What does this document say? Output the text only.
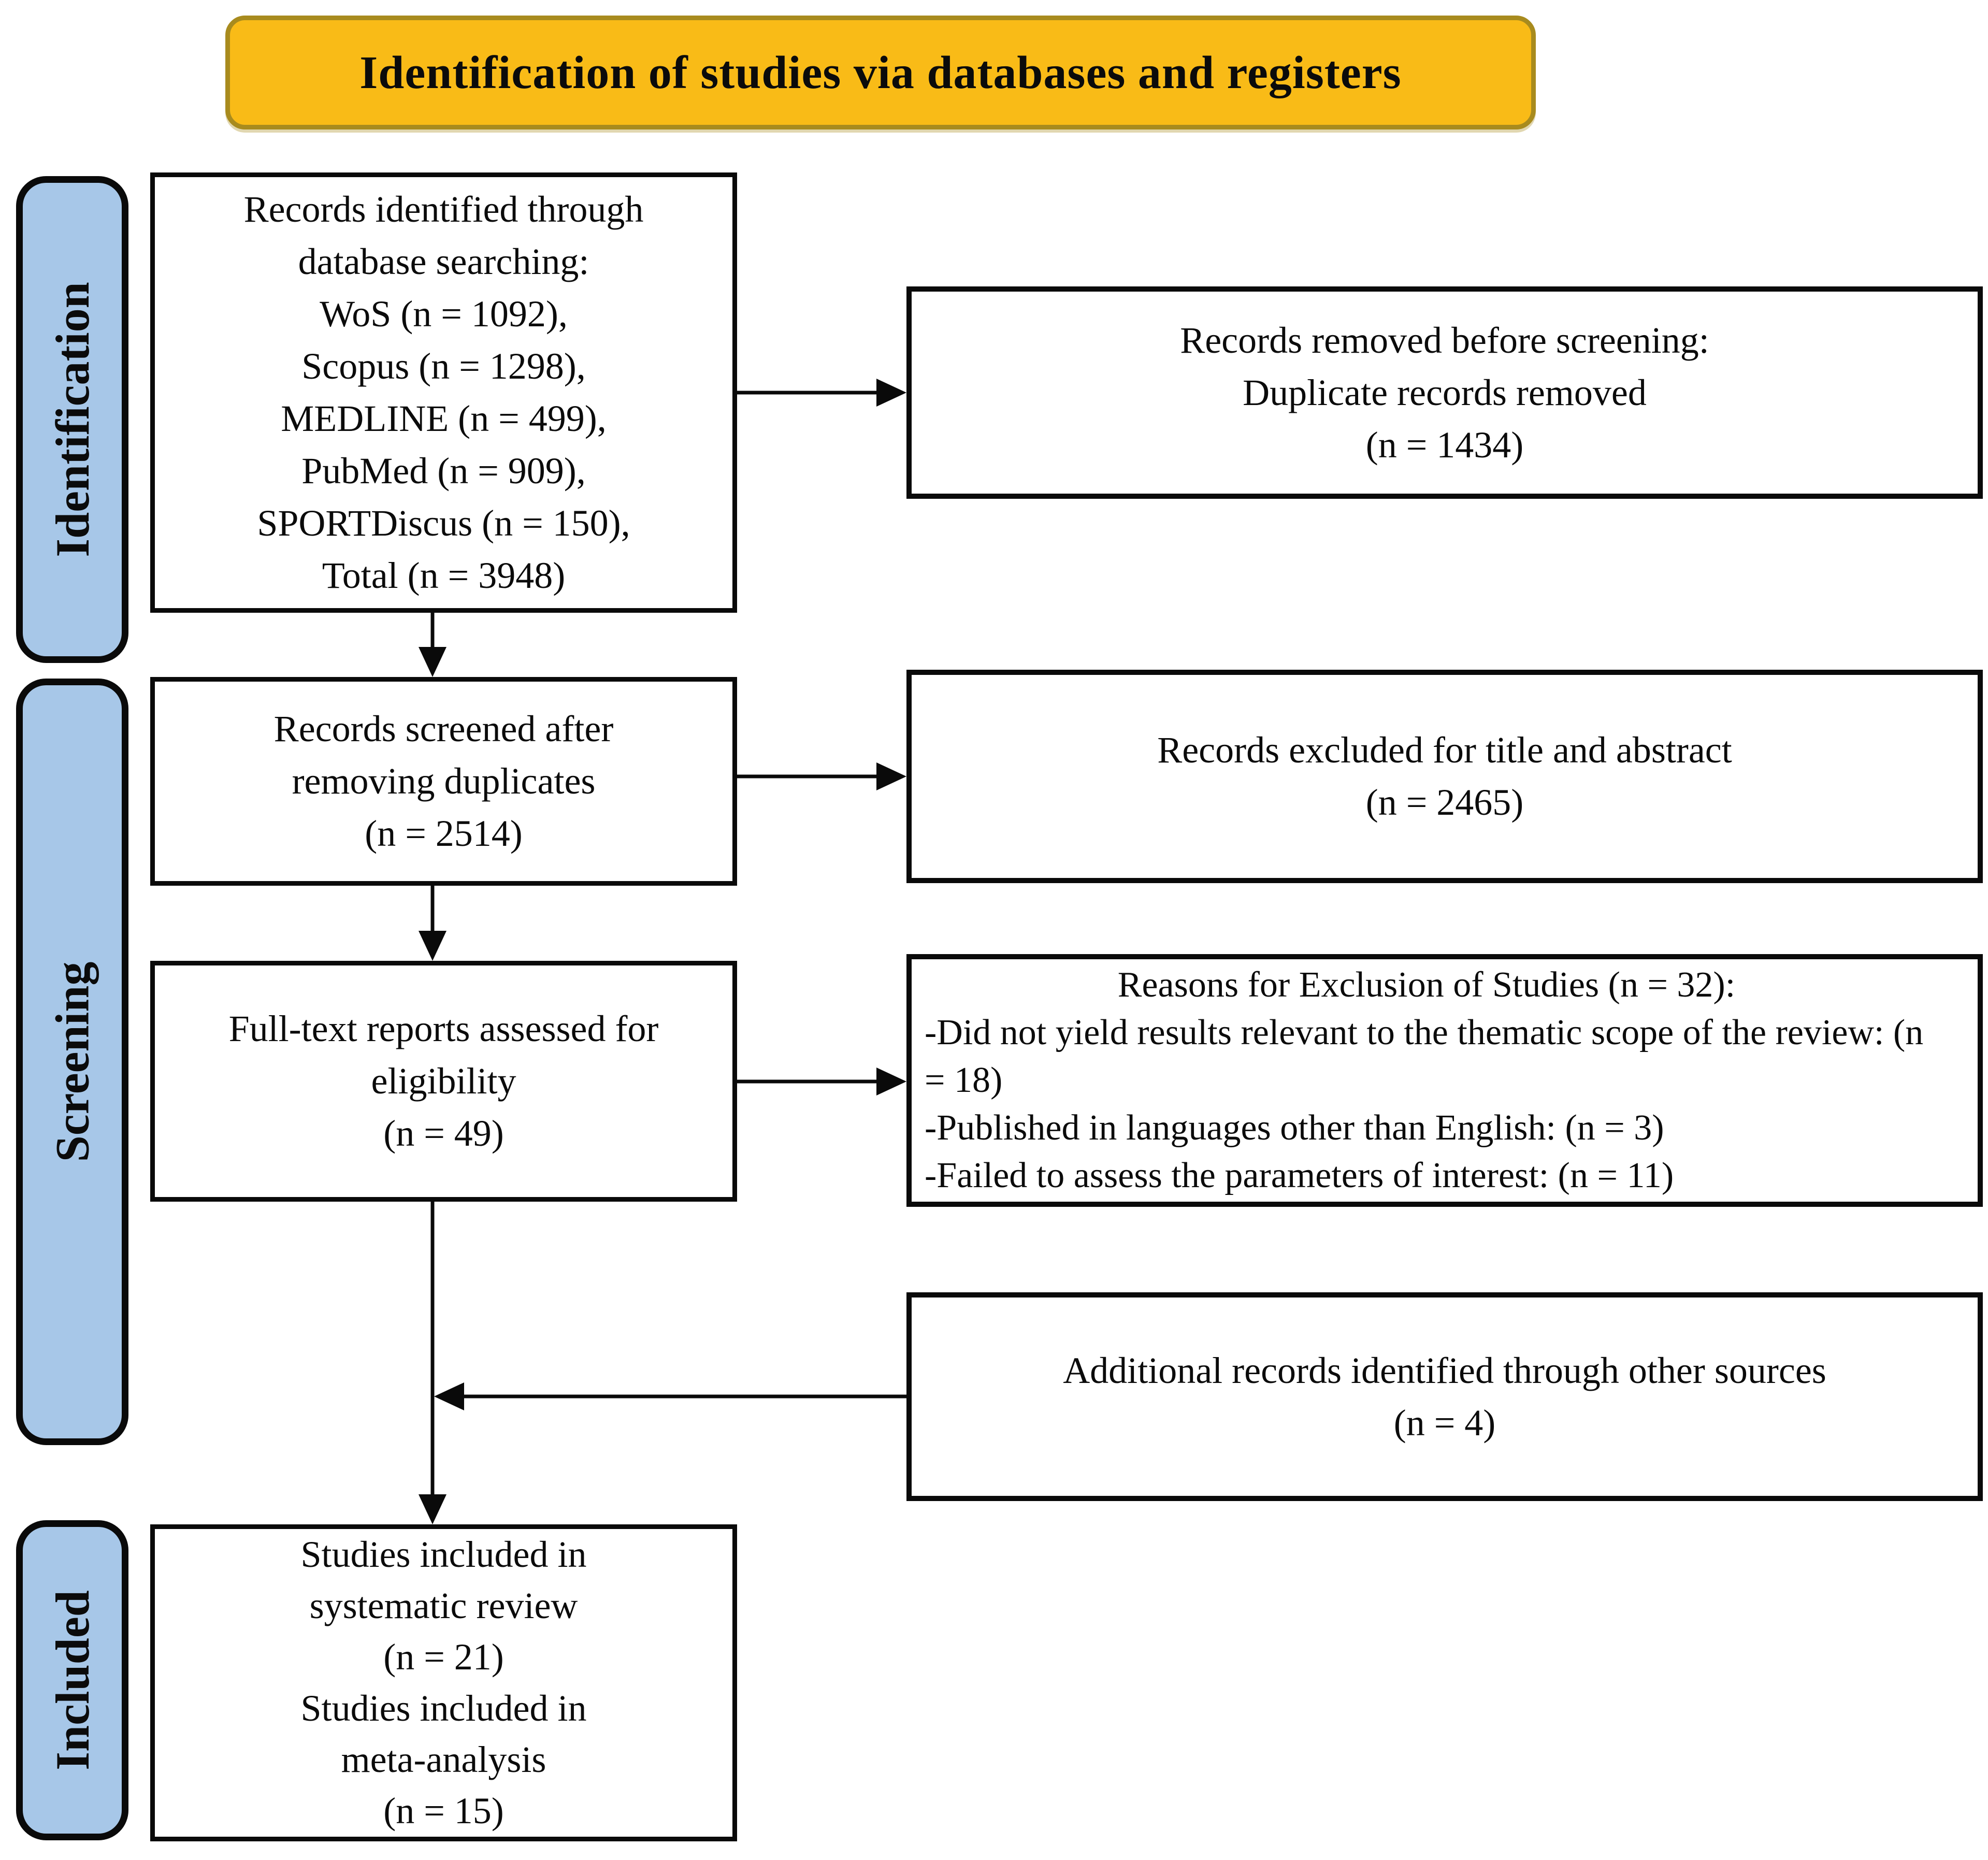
Identification of studies via databases and registers
Identification
Screening
Included
Records identified through
database searching:
WoS (n = 1092),
Scopus (n = 1298),
MEDLINE (n = 499),
PubMed (n = 909),
SPORTDiscus (n = 150),
Total (n = 3948)
Records screened after
removing duplicates
(n = 2514)
Full-text reports assessed for
eligibility
(n = 49)
Studies included in
systematic review
(n = 21)
Studies included in
meta-analysis
(n = 15)
Records removed before screening:
Duplicate records removed
(n = 1434)
Records excluded for title and abstract
(n = 2465)
Reasons for Exclusion of Studies (n = 32):
-Did not yield results relevant to the thematic scope of the review: (n = 18)
-Published in languages other than English: (n = 3)
-Failed to assess the parameters of interest: (n = 11)
Additional records identified through other sources
(n = 4)
